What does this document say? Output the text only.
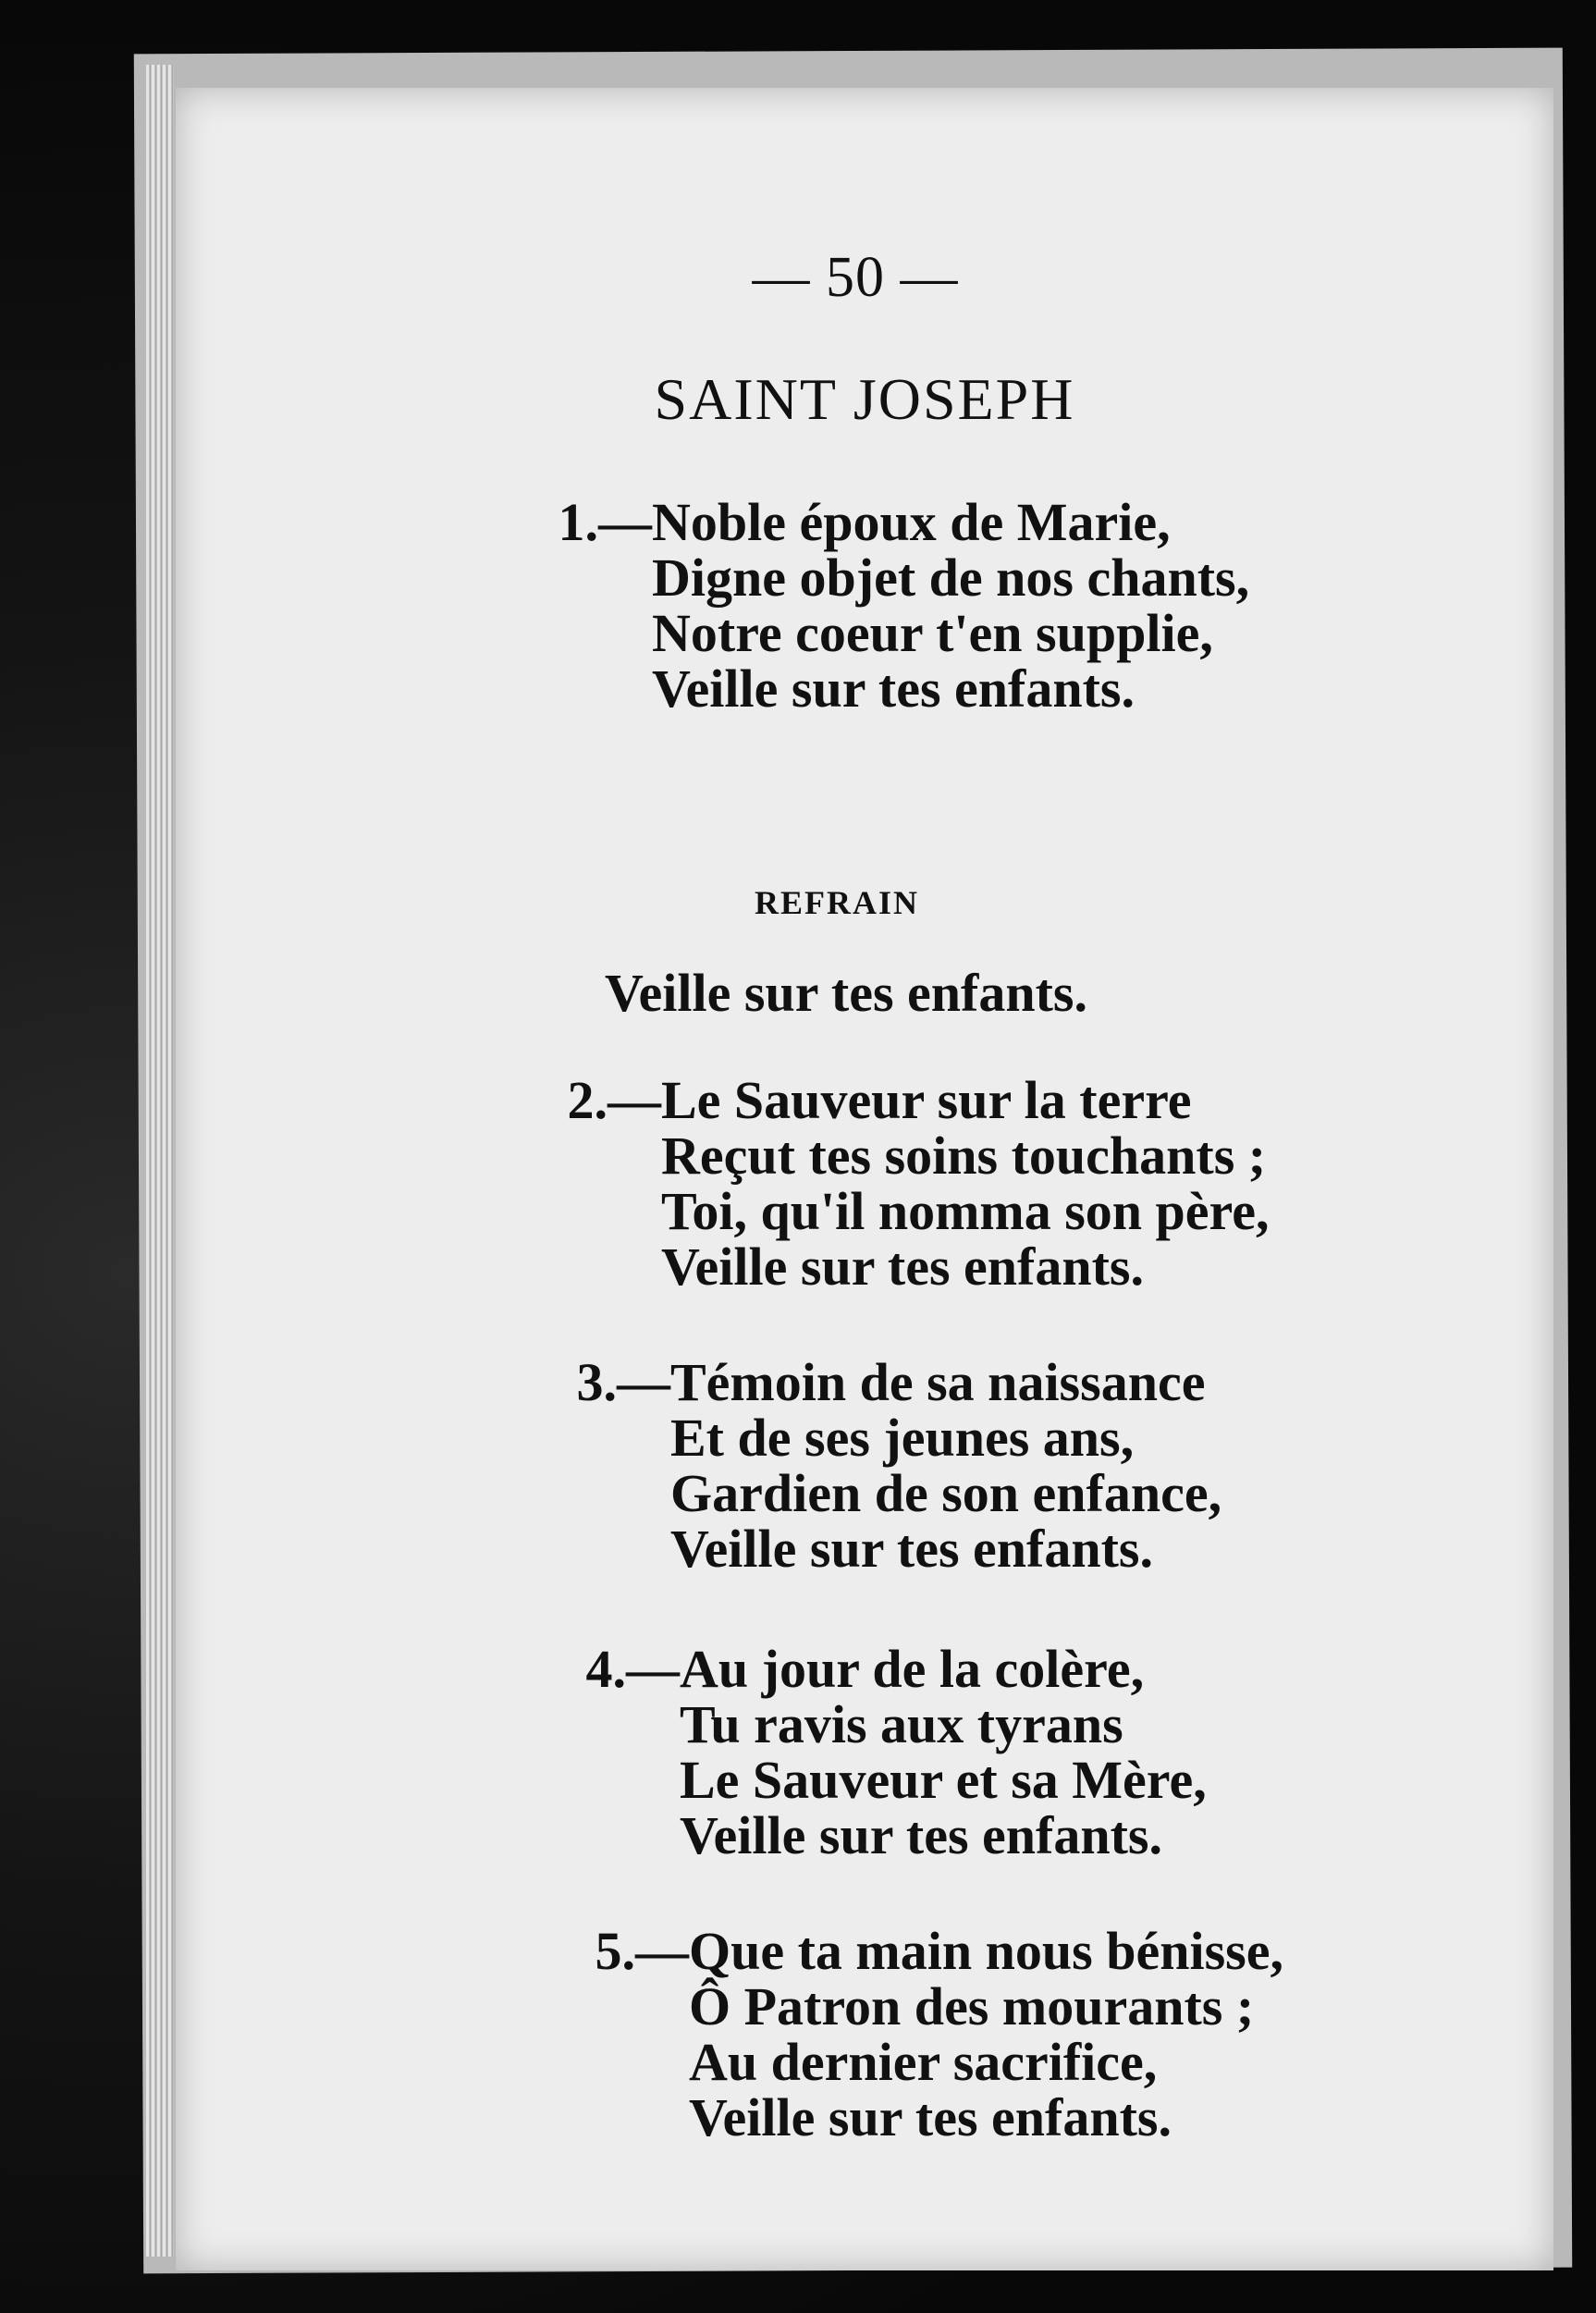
— 50 —
SAINT JOSEPH
1.—Noble époux de Marie,
Digne objet de nos chants,
Notre coeur t'en supplie,
Veille sur tes enfants.
REFRAIN
Veille sur tes enfants.
2.—Le Sauveur sur la terre
Reçut tes soins touchants ;
Toi, qu'il nomma son père,
Veille sur tes enfants.
3.—Témoin de sa naissance
Et de ses jeunes ans,
Gardien de son enfance,
Veille sur tes enfants.
4.—Au jour de la colère,
Tu ravis aux tyrans
Le Sauveur et sa Mère,
Veille sur tes enfants.
5.—Que ta main nous bénisse,
Ô Patron des mourants ;
Au dernier sacrifice,
Veille sur tes enfants.
